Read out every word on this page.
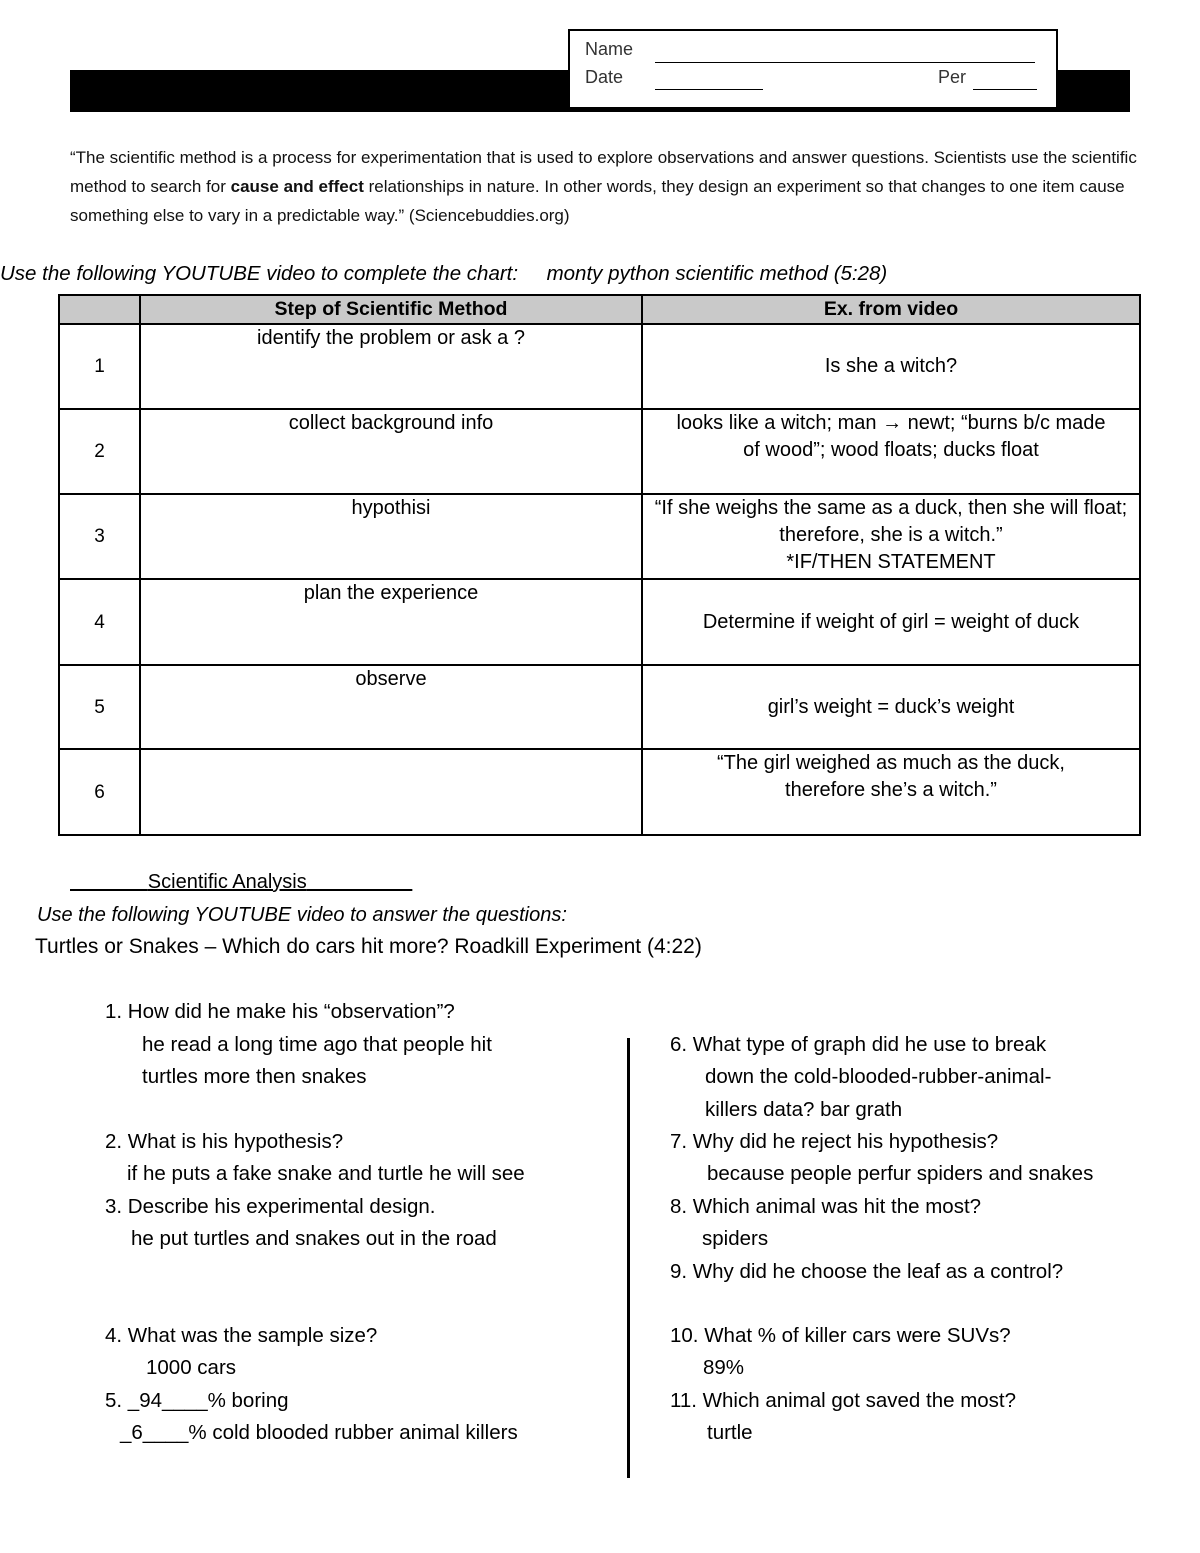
Name
Date	Per
“The scientific method is a process for experimentation that is used to explore observations and answer questions. Scientists use the scientific method to search for cause and effect relationships in nature. In other words, they design an experiment so that changes to one item cause something else to vary in a predictable way.” (Sciencebuddies.org)
Use the following YOUTUBE video to complete the chart: monty python scientific method (5:28)
	Step of Scientific Method	Ex. from video
1	identify the problem or ask a ?	Is she a witch?
2	collect background info	looks like a witch; man → newt; “burns b/c made of wood”; wood floats; ducks float

3	hypothisi	“If she weighs the same as a duck, then she will float; therefore, she is a witch.”
*IF/THEN STATEMENT

4	plan the experience	Determine if weight of girl = weight of duck
5	observe	girl’s weight = duck’s weight
6		“The girl weighed as much as the duck, therefore she’s a witch.”
Scientific Analysis
Use the following YOUTUBE video to answer the questions:
Turtles or Snakes – Which do cars hit more? Roadkill Experiment (4:22)
1. How did he make his “observation”?
he read a long time ago that people hit
turtles more then snakes
2. What is his hypothesis?
if he puts a fake snake and turtle he will see
3. Describe his experimental design.
he put turtles and snakes out in the road
4. What was the sample size?
1000 cars
5. _94____% boring
_6____% cold blooded rubber animal killers
6. What type of graph did he use to break
down the cold-blooded-rubber-animal-
killers data? bar grath
7. Why did he reject his hypothesis?
because people perfur spiders and snakes
8. Which animal was hit the most?
spiders
9. Why did he choose the leaf as a control?
10. What % of killer cars were SUVs?
89%
11. Which animal got saved the most?
turtle
